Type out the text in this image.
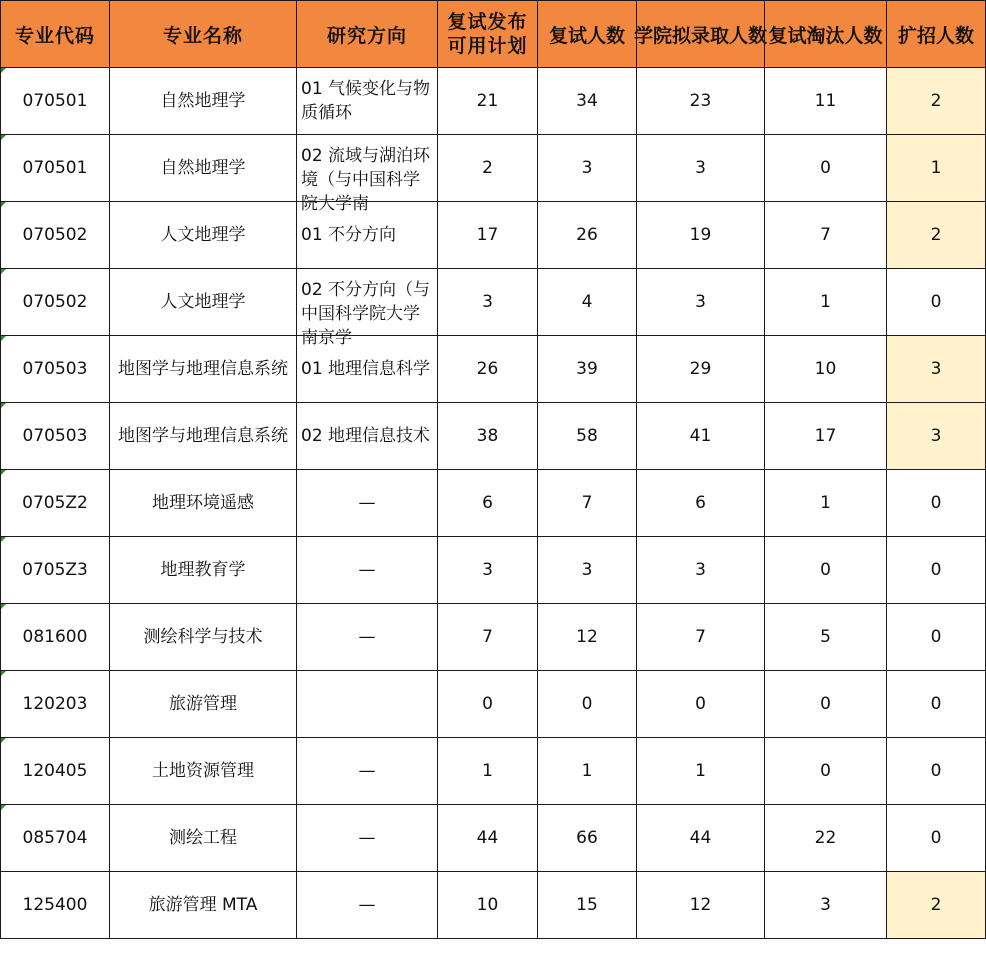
专业代码	专业名称	研究方向	复试发布可用计划	复试人数	学院拟录取人数	复试淘汰人数	扩招人数
070501	自然地理学	01 气候变化与物质循环	21	34	23	11	2
070501	自然地理学	02 流域与湖泊环境（与中国科学院大学南	2	3	3	0	1
070502	人文地理学	01 不分方向	17	26	19	7	2
070502	人文地理学	02 不分方向（与中国科学院大学南京学	3	4	3	1	0
070503	地图学与地理信息系统	01 地理信息科学	26	39	29	10	3
070503	地图学与地理信息系统	02 地理信息技术	38	58	41	17	3
0705Z2	地理环境遥感	—	6	7	6	1	0
0705Z3	地理教育学	—	3	3	3	0	0
081600	测绘科学与技术	—	7	12	7	5	0
120203	旅游管理		0	0	0	0	0
120405	土地资源管理	—	1	1	1	0	0
085704	测绘工程	—	44	66	44	22	0
125400	旅游管理 MTA	—	10	15	12	3	2
